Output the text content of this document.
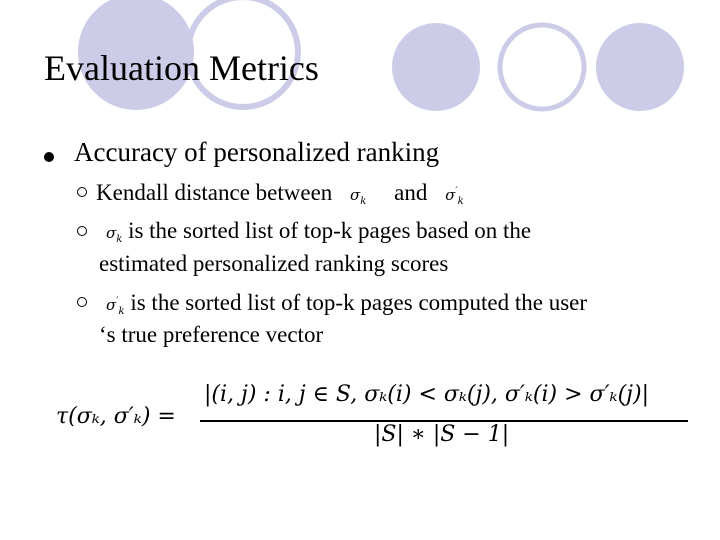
Evaluation Metrics
Accuracy of personalized ranking
Kendall distance between $\sigma_k$ and $\sigma'_k$
$\sigma_k$ is the sorted list of top-k pages based on the
estimated personalized ranking scores
$\sigma'_k$ is the sorted list of top-k pages computed the user
‘s true preference vector
τ(σₖ, σ′ₖ) =
|(i, j) : i, j ∈ S, σₖ(i) < σₖ(j), σ′ₖ(i) > σ′ₖ(j)|
|S| ∗ |S − 1|
